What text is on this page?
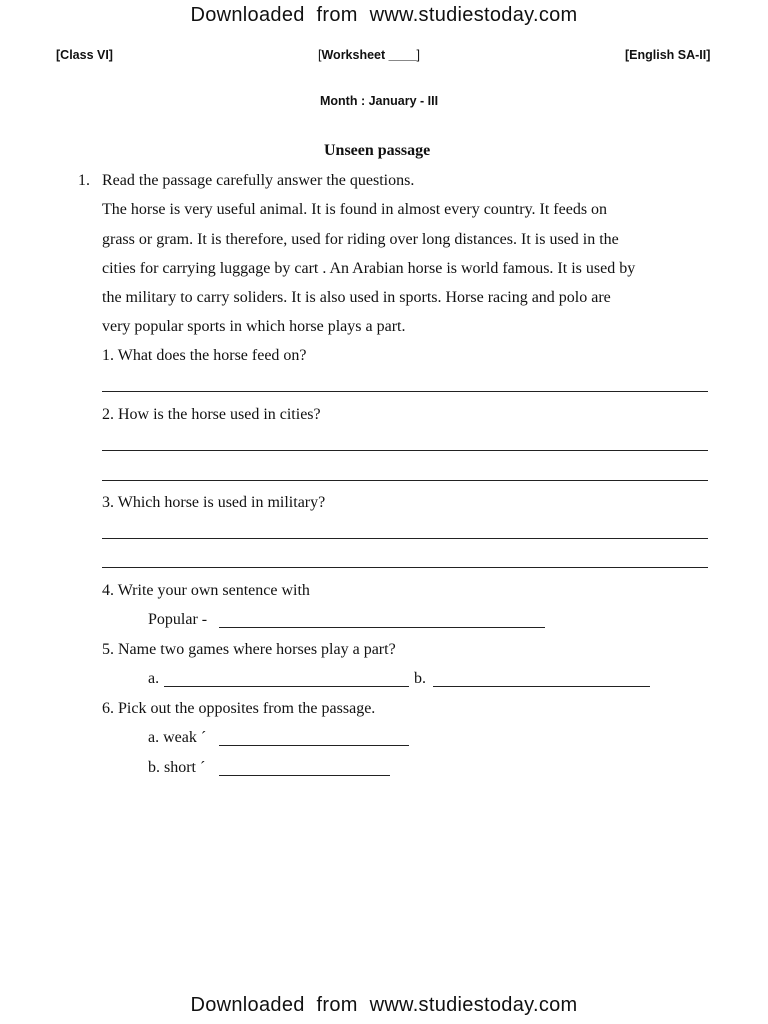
Downloaded from www.studiestoday.com
[Class VI]	[Worksheet ____]	[English SA-II]
Month : January - III
Unseen passage
1. Read the passage carefully answer the questions.
The horse is very useful animal. It is found in almost every country. It feeds on
grass or gram. It is therefore, used for riding over long distances. It is used in the
cities for carrying luggage by cart . An Arabian horse is world famous. It is used by
the military to carry soliders. It is also used in sports. Horse racing and polo are
very popular sports in which horse plays a part.
1. What does the horse feed on?
2. How is the horse used in cities?
3. Which horse is used in military?
4. Write your own sentence with
Popular -
5. Name two games where horses play a part?
a.	b.
6. Pick out the opposites from the passage.
a. weak ´
b. short ´
Downloaded from www.studiestoday.com
